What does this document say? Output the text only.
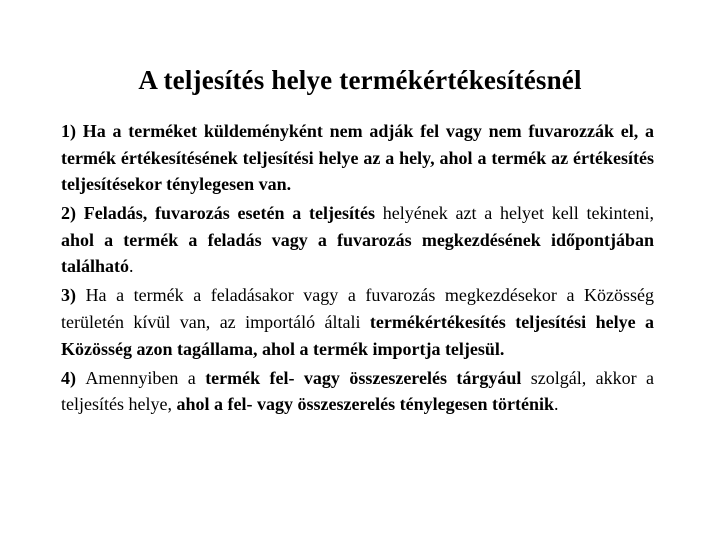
A teljesítés helye termékértékesítésnél

1) Ha a terméket küldeményként nem adják fel vagy nem fuvarozzák el, a termék értékesítésének teljesítési helye az a hely, ahol a termék az értékesítés teljesítésekor ténylegesen van.

2) Feladás, fuvarozás esetén a teljesítés helyének azt a helyet kell tekinteni, ahol a termék a feladás vagy a fuvarozás megkezdésének időpontjában található.

3) Ha a termék a feladásakor vagy a fuvarozás megkezdésekor a Közösség területén kívül van, az importáló általi termékértékesítés teljesítési helye a Közösség azon tagállama, ahol a termék importja teljesül.

4) Amennyiben a termék fel- vagy összeszerelés tárgyául szolgál, akkor a teljesítés helye, ahol a fel- vagy összeszerelés ténylegesen történik.
